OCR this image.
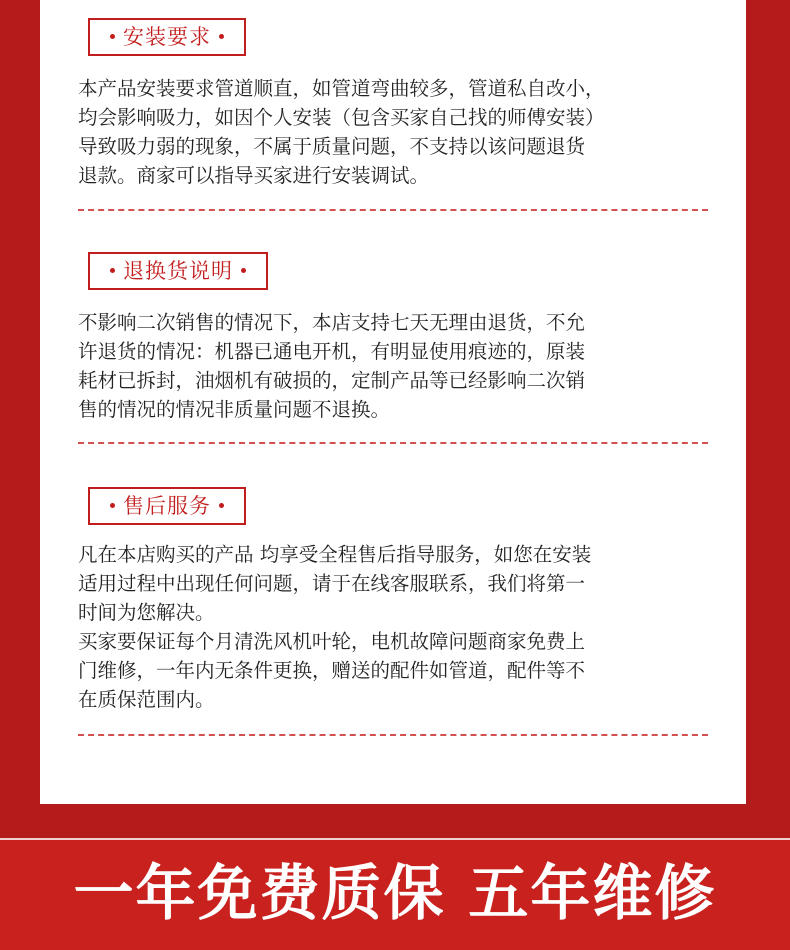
安装要求

本产品安装要求管道顺直，如管道弯曲较多，管道私自改小，
均会影响吸力，如因个人安装（包含买家自己找的师傅安装）
导致吸力弱的现象，不属于质量问题，不支持以该问题退货
退款。商家可以指导买家进行安装调试。

退换货说明

不影响二次销售的情况下，本店支持七天无理由退货，不允
许退货的情况：机器已通电开机，有明显使用痕迹的，原装
耗材已拆封，油烟机有破损的，定制产品等已经影响二次销
售的情况的情况非质量问题不退换。

售后服务

凡在本店购买的产品 均享受全程售后指导服务，如您在安装
适用过程中出现任何问题，请于在线客服联系，我们将第一
时间为您解决。
买家要保证每个月清洗风机叶轮，电机故障问题商家免费上
门维修，一年内无条件更换，赠送的配件如管道，配件等不
在质保范围内。

一年免费质保 五年维修
